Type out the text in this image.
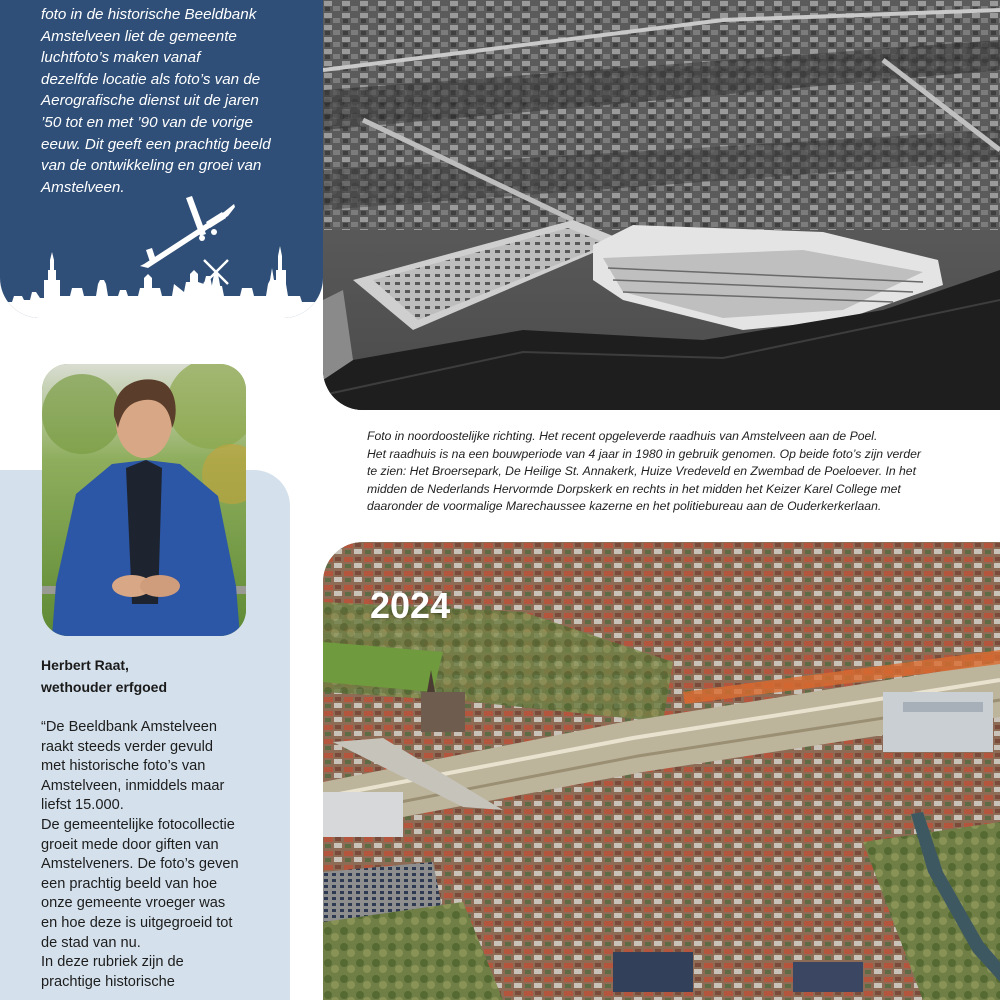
foto in de historische Beeldbank
Amstelveen liet de gemeente
luchtfoto’s maken vanaf
dezelfde locatie als foto’s van de
Aerografische dienst uit de jaren
’50 tot en met ’90 van de vorige
eeuw. Dit geeft een prachtig beeld
van de ontwikkeling en groei van
Amstelveen.
Foto in noordoostelijke richting. Het recent opgeleverde raadhuis van Amstelveen aan de Poel.
Het raadhuis is na een bouwperiode van 4 jaar in 1980 in gebruik genomen. Op beide foto’s zijn verder
te zien: Het Broersepark, De Heilige St. Annakerk, Huize Vredeveld en Zwembad de Poeloever. In het
midden de Nederlands Hervormde Dorpskerk en rechts in het midden het Keizer Karel College met
daaronder de voormalige Marechaussee kazerne en het politiebureau aan de Ouderkerkerlaan.
Herbert Raat,
wethouder erfgoed
“De Beeldbank Amstelveen
raakt steeds verder gevuld
met historische foto’s van
Amstelveen, inmiddels maar
liefst 15.000.
De gemeentelijke fotocollectie
groeit mede door giften van
Amstelveners. De foto’s geven
een prachtig beeld van hoe
onze gemeente vroeger was
en hoe deze is uitgegroeid tot
de stad van nu.
In deze rubriek zijn de
prachtige historische
2024
